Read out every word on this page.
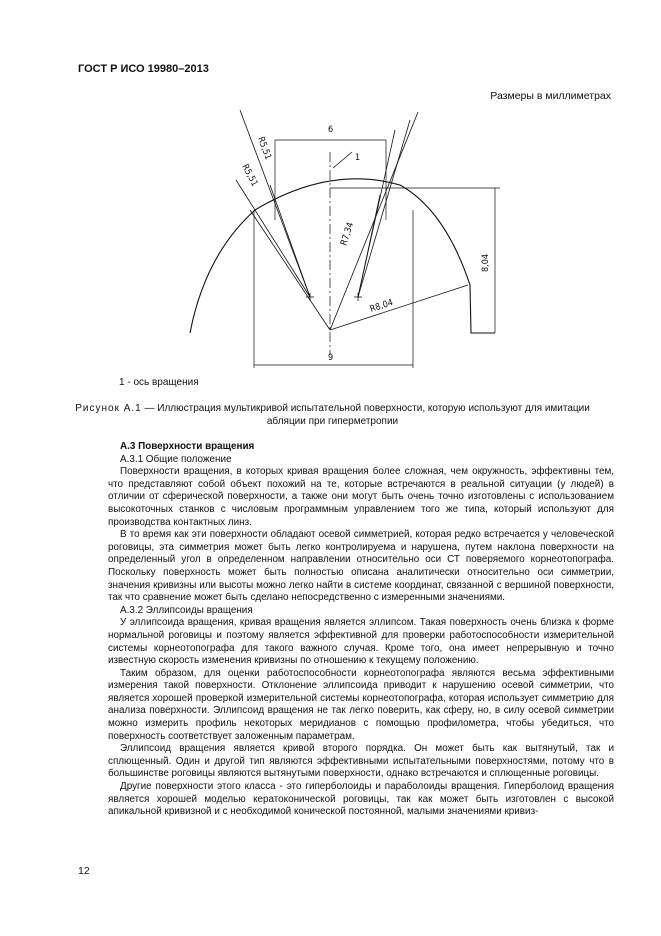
ГОСТ Р ИСО 19980–2013
Размеры в миллиметрах
6
9
8,04
R5,51
R5,51
R7,34
R8,04
1
1 - ось вращения
Рисунок А.1 — Иллюстрация мультикривой испытательной поверхности, которую используют для имитации абляции при гиперметропии

А.3 Поверхности вращения

А.3.1 Общие положение

Поверхности вращения, в которых кривая вращения более сложная, чем окружность, эффективны тем, что представляют собой объект похожий на те, которые встречаются в реальной ситуации (у людей) в отличии от сферической поверхности, а также они могут быть очень точно изготовлены с использованием высокоточных станков с числовым программным управлением того же типа, который используют для производства контактных линз.

В то время как эти поверхности обладают осевой симметрией, которая редко встречается у человеческой роговицы, эта симметрия может быть легко контролируема и нарушена, путем наклона поверхности на определенный угол в определенном направлении относительно оси СТ поверяемого корнеотопографа. Поскольку поверхность может быть полностью описана аналитически относительно оси симметрии, значения кривизны или высоты можно легко найти в системе координат, связанной с вершиной поверхности, так что сравнение может быть сделано непосредственно с измеренными значениями.

А.3.2 Эллипсоиды вращения

У эллипсоида вращения, кривая вращения является эллипсом. Такая поверхность очень близка к форме нормальной роговицы и поэтому является эффективной для проверки работоспособности измерительной системы корнеотопографа для такого важного случая. Кроме того, она имеет непрерывную и точно известную скорость изменения кривизны по отношению к текущему положению.

Таким образом, для оценки работоспособности корнеотопографа являются весьма эффективными измерения такой поверхности. Отклонение эллипсоида приводит к нарушению осевой симметрии, что является хорошей проверкой измерительной системы корнеотопографа, которая использует симметрию для анализа поверхности. Эллипсоид вращения не так легко поверить, как сферу, но, в силу осевой симметрии можно измерить профиль некоторых меридианов с помощью профилометра, чтобы убедиться, что поверхность соответствует заложенным параметрам.

Эллипсоид вращения является кривой второго порядка. Он может быть как вытянутый, так и сплющенный. Один и другой тип являются эффективными испытательными поверхностями, потому что в большинстве роговицы являются вытянутыми поверхности, однако встречаются и сплющенные роговицы.

Другие поверхности этого класса - это гиперболоиды и параболоиды вращения. Гиперболоид вращения является хорошей моделью кератоконической роговицы, так как может быть изготовлен с высокой апикальной кривизной и с необходимой конической постоянной, малыми значениями кривиз-

12
